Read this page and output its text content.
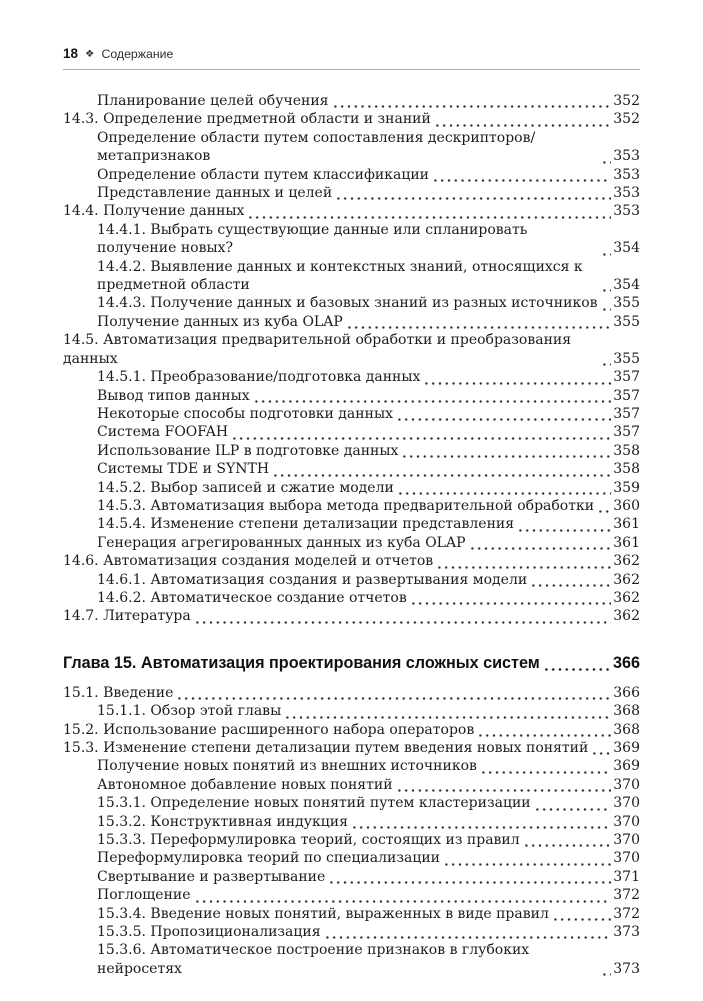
18 ❖ Содержание
Планирование целей обучения	352
14.3. Определение предметной области и знаний	352
Определение области путем сопоставления дескрипторов/метапризнаков	353
Определение области путем классификации	353
Представление данных и целей	353
14.4. Получение данных	353
14.4.1. Выбрать существующие данные или спланировать получение новых?	354
14.4.2. Выявление данных и контекстных знаний, относящихся к предметной области	354
14.4.3. Получение данных и базовых знаний из разных источников 355
Получение данных из куба OLAP	355
14.5. Автоматизация предварительной обработки и преобразования данных	355
14.5.1. Преобразование/подготовка данных	357
Вывод типов данных	357
Некоторые способы подготовки данных	357
Система FOOFAH	357
Использование ILP в подготовке данных	358
Системы TDE и SYNTH	358
14.5.2. Выбор записей и сжатие модели	359
14.5.3. Автоматизация выбора метода предварительной обработки 360
14.5.4. Изменение степени детализации представления	361
Генерация агрегированных данных из куба OLAP	361
14.6. Автоматизация создания моделей и отчетов	362
14.6.1. Автоматизация создания и развертывания модели	362
14.6.2. Автоматическое создание отчетов	362
14.7. Литература	362
Глава 15. Автоматизация проектирования сложных систем	366
15.1. Введение	366
15.1.1. Обзор этой главы	368
15.2. Использование расширенного набора операторов	368
15.3. Изменение степени детализации путем введения новых понятий 369
Получение новых понятий из внешних источников	369
Автономное добавление новых понятий	370
15.3.1. Определение новых понятий путем кластеризации	370
15.3.2. Конструктивная индукция	370
15.3.3. Переформулировка теорий, состоящих из правил	370
Переформулировка теорий по специализации	370
Свертывание и развертывание	371
Поглощение	372
15.3.4. Введение новых понятий, выраженных в виде правил	372
15.3.5. Пропозиционализация	373
15.3.6. Автоматическое построение признаков в глубоких нейросетях	373
